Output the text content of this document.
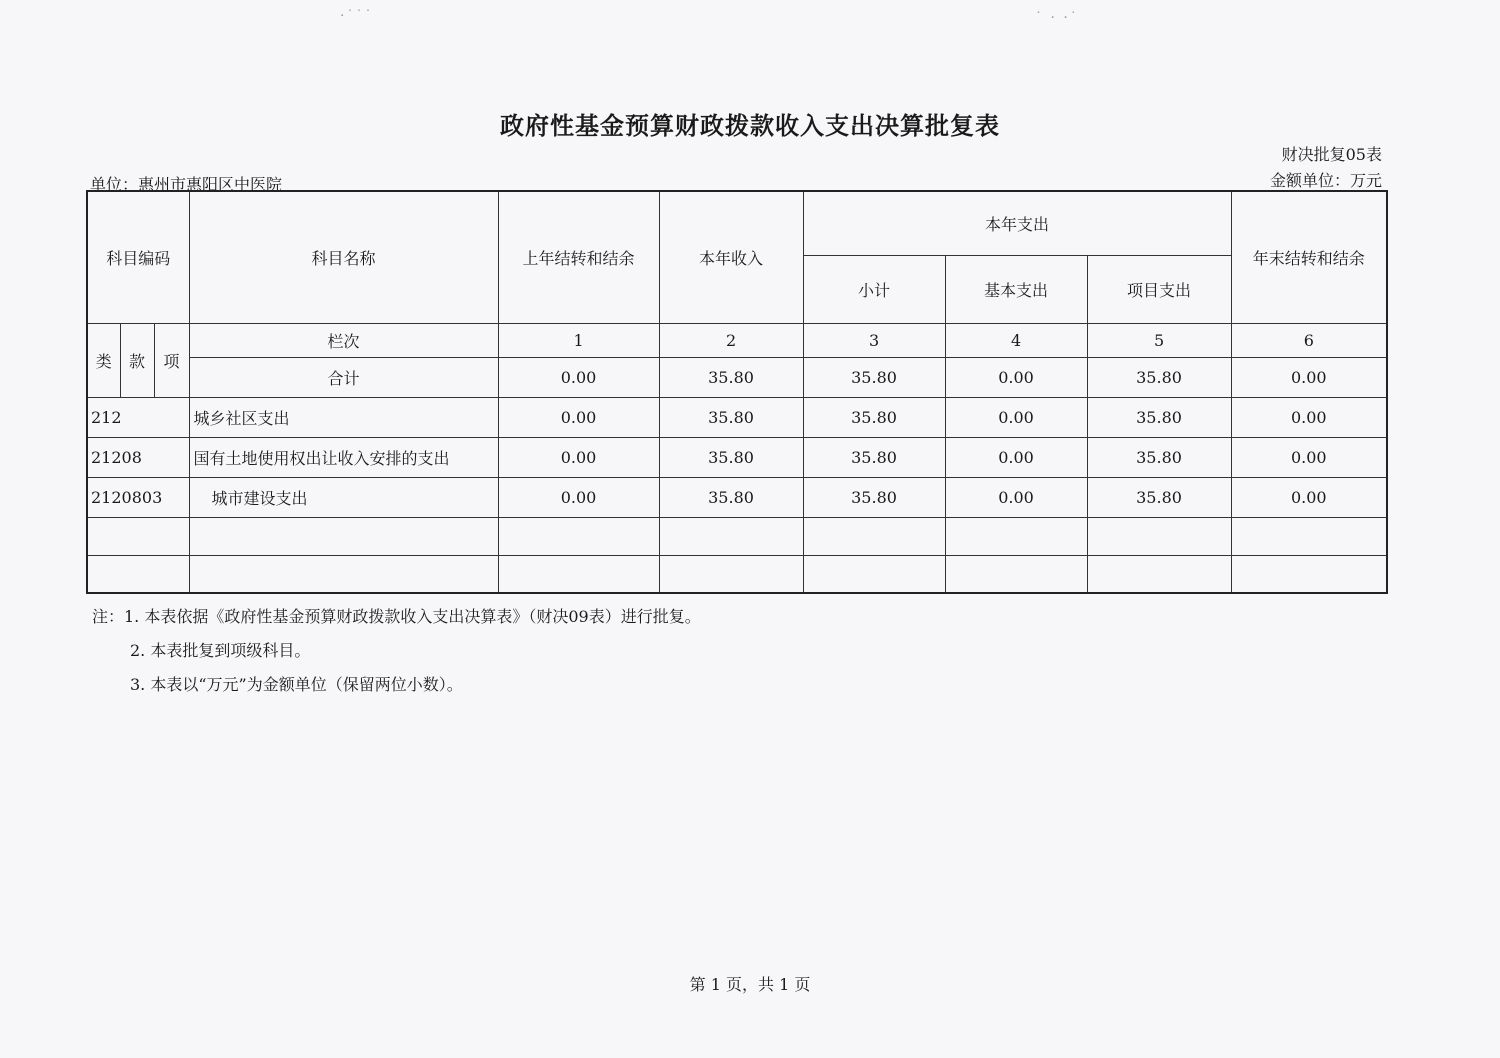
·˙˙˙	˙ · ·˙
政府性基金预算财政拨款收入支出决算批复表
财决批复05表
金额单位：万元
单位：惠州市惠阳区中医院
科目编码			科目名称	上年结转和结余	本年收入	本年支出			年末结转和结余
						小计	基本支出	项目支出	
类	款	项	栏次	1	2	3	4	5	6
			合计	0.00	35.80	35.80	0.00	35.80	0.00
212			城乡社区支出	0.00	35.80	35.80	0.00	35.80	0.00
21208			国有土地使用权出让收入安排的支出	0.00	35.80	35.80	0.00	35.80	0.00
2120803			城市建设支出	0.00	35.80	35.80	0.00	35.80	0.00

注：1. 本表依据《政府性基金预算财政拨款收入支出决算表》（财决09表）进行批复。
2. 本表批复到项级科目。
3. 本表以“万元”为金额单位（保留两位小数）。
第 1 页，共 1 页
